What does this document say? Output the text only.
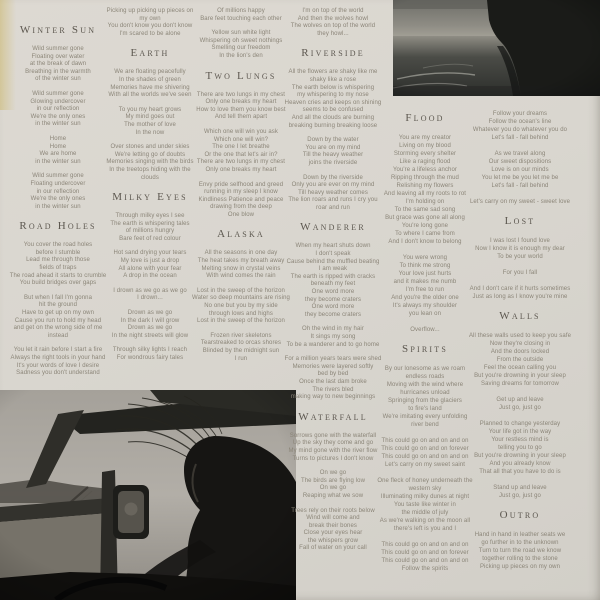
Winter Sun
Wild summer gone
Floating over water
at the break of dawn
Breathing in the warmth
of the winter sun
Wild summer gone
Glowing undercover
in our reflection
We're the only ones
in the winter sun
Home
Home
We are home
in the winter sun
Wild summer gone
Floating undercover
in our reflection
We're the only ones
in the winter sun
Road Holes
You cover the road holes
before I stumble
Lead me through those
fields of traps
The road ahead it starts to crumble
You build bridges over gaps
But when I fall I'm gonna
hit the ground
Have to get up on my own
Cause you run to hold my head
and get on the wrong side of me
instead
You let it rain before I start a fire
Always the right tools in your hand
It's your words of love I desire
Sadness you don't understand
Picking up picking up pieces on
my own
You don't know you don't know
I'm scared to be alone
Earth
We are floating peacefully
In the shades of green
Memories have me shivering
With all the worlds we've seen
To you my heart grows
My mind goes out
The mother of love
In the now
Over stones and under skies
We're letting go of doubts
Memories singing with the birds
In the treetops hiding with the
clouds
Milky Eyes
Through milky eyes I see
The earth is whispering tales
of millions hungry
Bare feet of red colour
Hot sand drying your tears
My love is just a drop
All alone with your fear
A drop in the ocean
I drown as we go as we go
I drown...
Drown as we go
In the dark I will grow
Drown as we go
In the night streets will glow
Through silky lights I reach
For wondrous fairy tales
Of millions happy
Bare feet touching each other
Yellow sun white light
Whispering oh sweet nothings
Smelling our freedom
In the lion's den
Two Lungs
There are two lungs in my chest
Only one breaks my heart
How to love them you know best
And tell them apart
Which one will win you ask
Which one will win?
The one I let breathe
Or the one that let's air in?
There are two lungs in my chest
Only one breaks my heart
Envy pride selfhood and greed
running in my sleep I know
Kindliness Patience and peace
drawing from the deep
One blow
Alaska
All the seasons in one day
The heat takes my breath away
Melting snow in crystal veins
With wind comes the rain
Lost in the sweep of the horizon
Water so deep mountains are rising
No one but you by my side
through lows and highs
Lost in the sweep of the horizon
Frozen river skeletons
Tearstreaked to orcas shores
Blinded by the midnight sun
I run
I'm on top of the world
And then the wolves howl
The wolves on top of the world
they howl...
Riverside
All the flowers are shaky like me
shaky like a rose
The earth below is whispering
my whispering to my nose
Heaven cries and keeps on shining
seems to be confused
And all the clouds are burning
breaking burning breaking loose
Down by the water
You are on my mind
Till the heavy weather
joins the riverside
Down by the riverside
Only you are ever on my mind
Till heavy weather comes
The lion roars and runs I cry you
roar and run
Wanderer
When my heart shuts down
I don't speak
Cause behind the muffled beating
I am weak
The earth is ripped with cracks
beneath my feet
One word more
they become craters
One word more
they become craters
Oh the wind in my hair
It sings my song
To be a wanderer and to go home
For a million years tears were shed
Memories were layered softly
bed by bed
Once the last dam broke
The rivers bled
making way to new beginnings
Waterfall
Sorrows gone with the waterfall
Up the sky they come and go
My mind gone with the river flow
Turns to pictures I don't know
On we go
The birds are flying low
On we go
Reaping what we sow
Trees rely on their roots below
Wind will come and
break their bones
Close your eyes hear
the whispers grow
Fall of water on your call
Flood
You are my creator
Living on my blood
Storming every shelter
Like a raging flood
You're a lifeless anchor
Ripping through the mud
Relishing my flowers
And leaving all my roots to rot
I'm holding on
To the same sad song
But grace was gone all along
You're long gone
To where I came from
And I don't know to belong
You were wrong
To think me strong
Your love just hurts
and it makes me numb
I'm free to run
And you're the older one
It's always my shoulder
you lean on
Overflow...
Spirits
By our lonesome as we roam
endless roads
Moving with the wind where
hurricanes unload
Springing from the glaciers
to fire's land
We're imitating every unfolding
river bend
This could go on and on and on
This could go on and on forever
This could go on and on and on
Let's carry on my sweet saint
One fleck of honey underneath the
western sky
Illuminating milky dunes at night
You taste like winter in
the middle of july
As we're walking on the moon all
there's left is you and I
This could go on and on and on
This could go on and on forever
This could go on and on and on
Follow the spirits
Follow your dreams
Follow the ocean's line
Whatever you do whatever you do
Let's fall - fall behind
As we travel along
Our sweet dispositions
Love is on our minds
You let me be you let me be
Let's fall - fall behind
Let's carry on my sweet - sweet love
Lost
I was lost I found love
Now I know it is enough my dear
To be your world
For you I fall
And I don't care if it hurts sometimes
Just as long as I know you're mine
Walls
All these walls used to keep you safe
Now they're closing in
And the doors locked
From the outside
Feel the ocean calling you
But you're drowning in your sleep
Saving dreams for tomorrow
Get up and leave
Just go, just go
Planned to change yesterday
Your life got in the way
Your restless mind is
telling you to go
But you're drowning in your sleep
And you already know
That all that you have to do is
Stand up and leave
Just go, just go
Outro
Hand in hand in leather seats we
go further in to the unknown
Turn to turn the road we know
together rolling to the stone
Picking up pieces on my own
